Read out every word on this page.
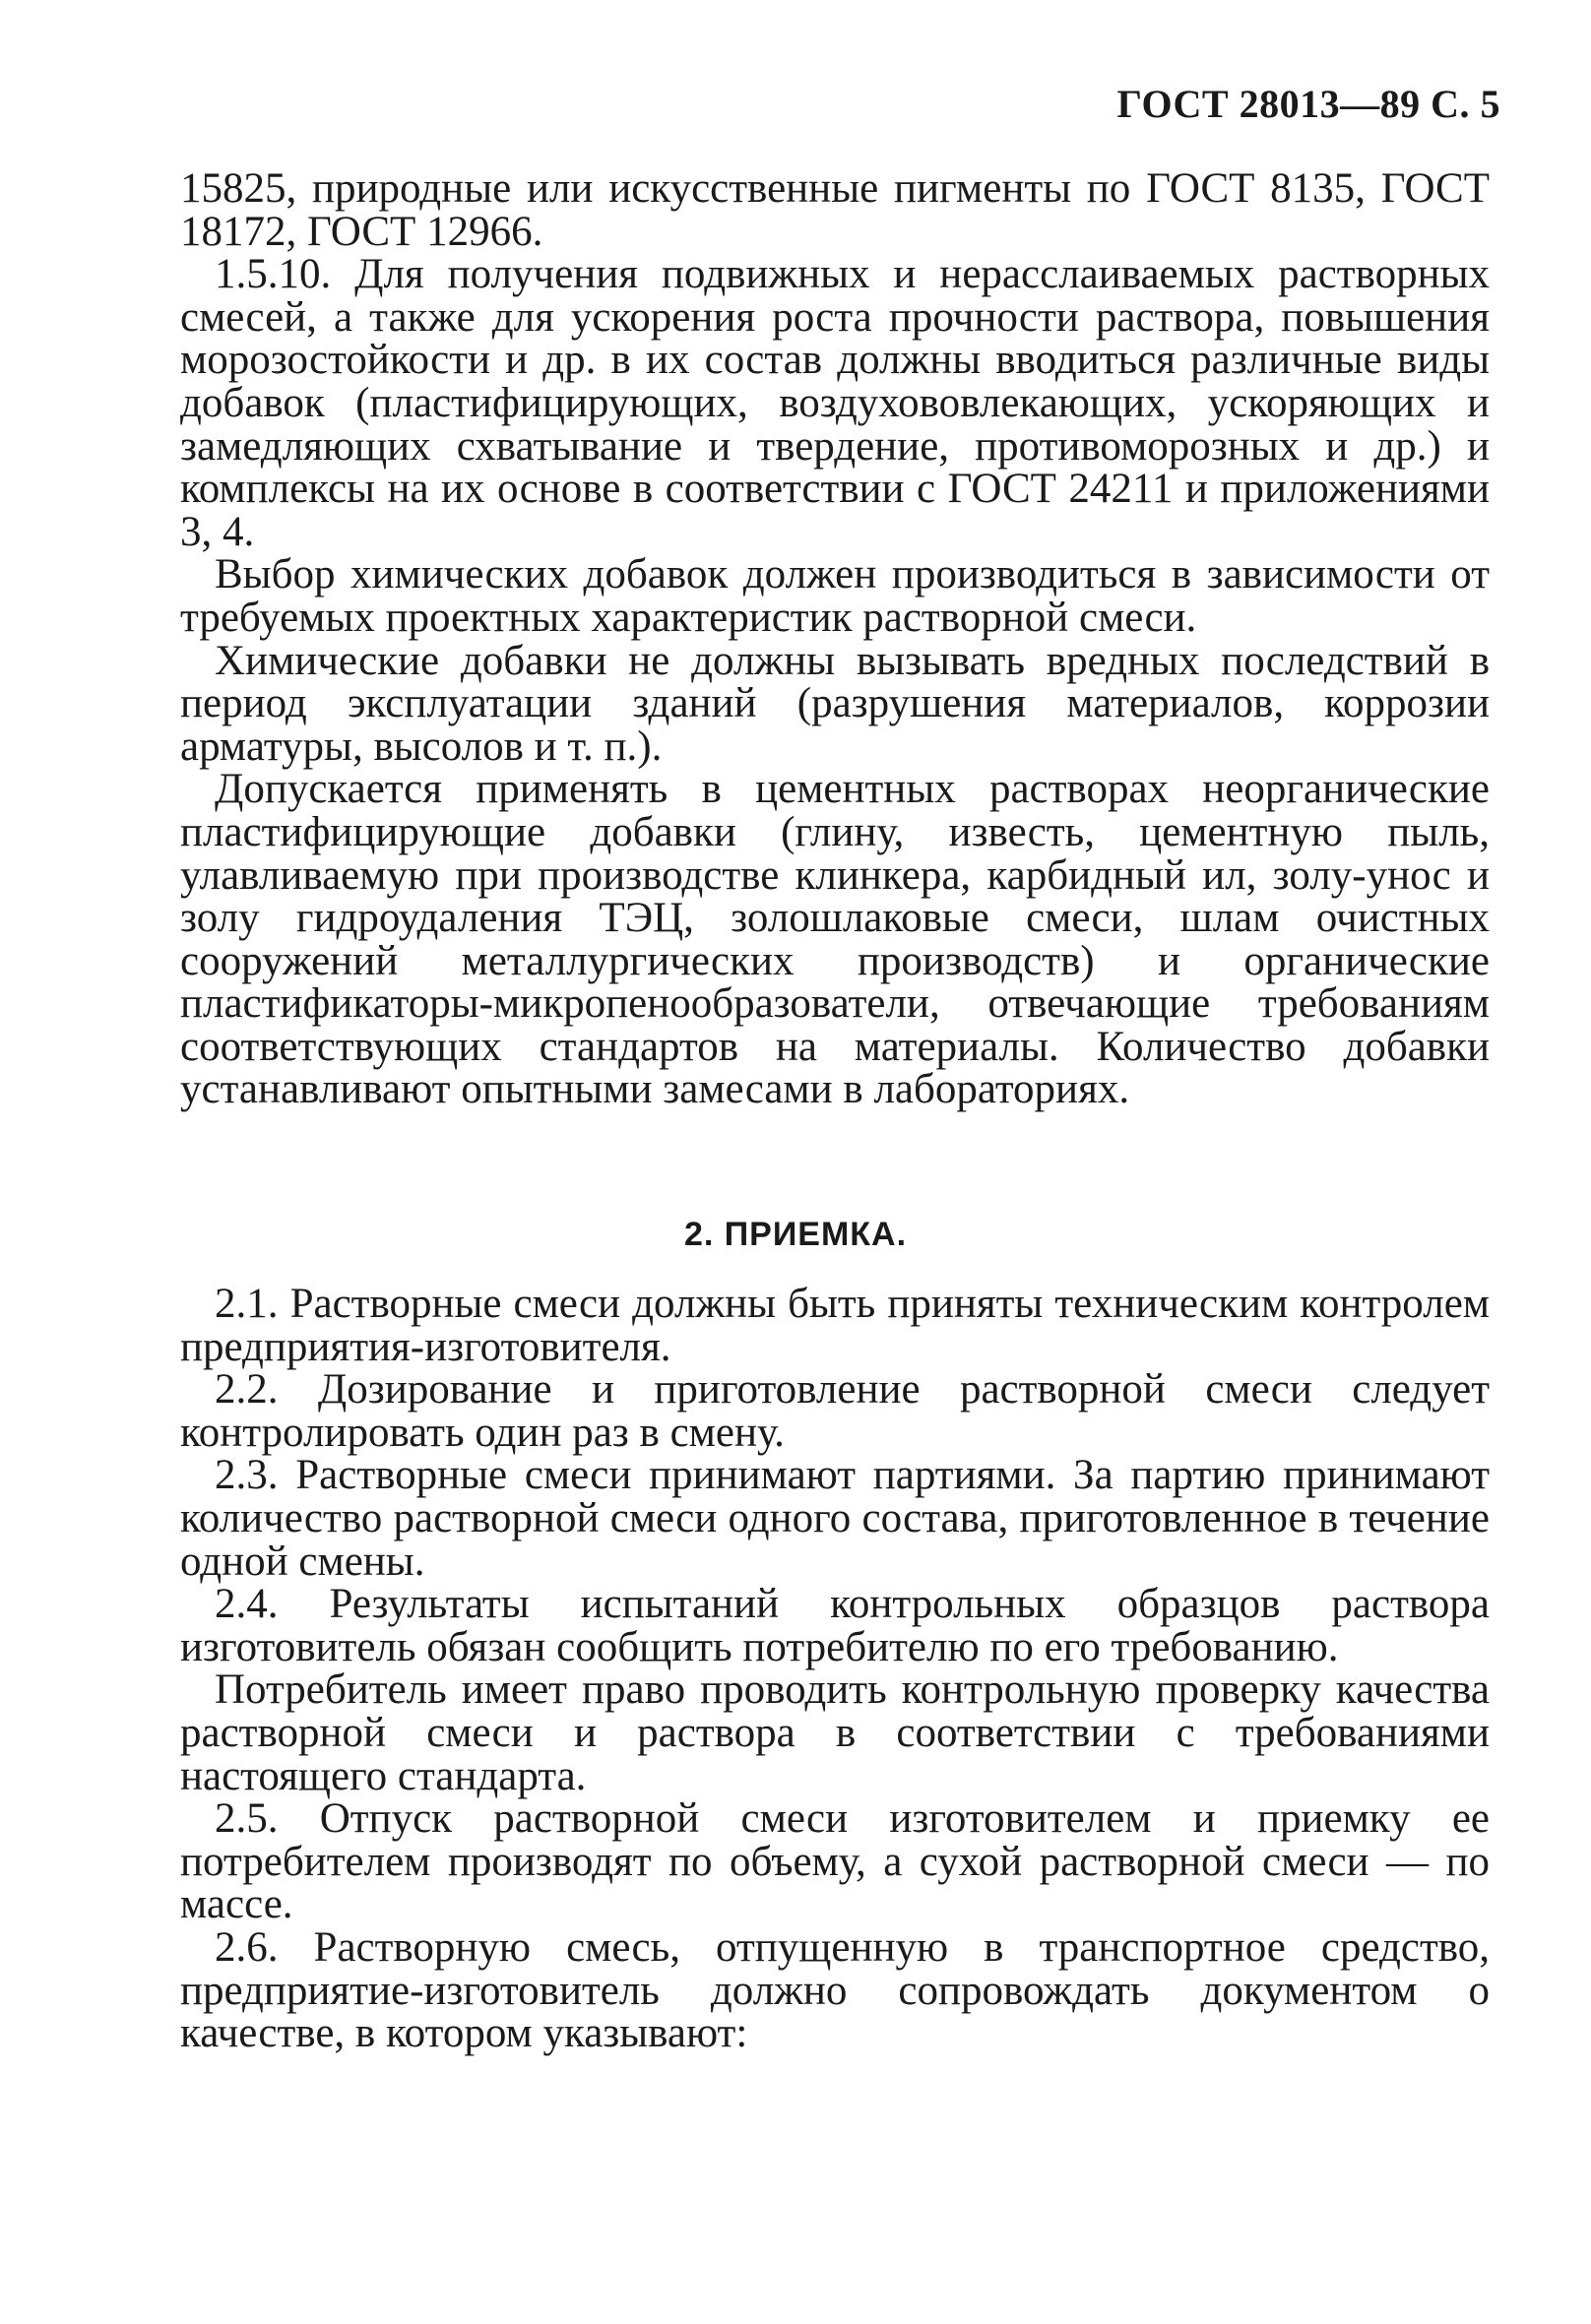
ГОСТ 28013—89 С. 5

15825, природные или искусственные пигменты по ГОСТ 8135, ГОСТ 18172, ГОСТ 12966.

1.5.10. Для получения подвижных и нерасслаиваемых растворных смесей, а также для ускорения роста прочности раствора, повышения морозостойкости и др. в их состав должны вводиться различные виды добавок (пластифицирующих, воздухововлекающих, ускоряющих и замедляющих схватывание и твердение, противоморозных и др.) и комплексы на их основе в соответствии с ГОСТ 24211 и приложениями 3, 4.

Выбор химических добавок должен производиться в зависимости от требуемых проектных характеристик растворной смеси.

Химические добавки не должны вызывать вредных последствий в период эксплуатации зданий (разрушения материалов, коррозии арматуры, высолов и т. п.).

Допускается применять в цементных растворах неорганические пластифицирующие добавки (глину, известь, цементную пыль, улавливаемую при производстве клинкера, карбидный ил, золу-унос и золу гидроудаления ТЭЦ, золошлаковые смеси, шлам очистных сооружений металлургических производств) и органические пластификаторы-микропенообразователи, отвечающие требованиям соответствующих стандартов на материалы. Количество добавки устанавливают опытными замесами в лабораториях.

2. ПРИЕМКА.

2.1. Растворные смеси должны быть приняты техническим контролем предприятия-изготовителя.

2.2. Дозирование и приготовление растворной смеси следует контролировать один раз в смену.

2.3. Растворные смеси принимают партиями. За партию принимают количество растворной смеси одного состава, приготовленное в течение одной смены.

2.4. Результаты испытаний контрольных образцов раствора изготовитель обязан сообщить потребителю по его требованию.

Потребитель имеет право проводить контрольную проверку качества растворной смеси и раствора в соответствии с требованиями настоящего стандарта.

2.5. Отпуск растворной смеси изготовителем и приемку ее потребителем производят по объему, а сухой растворной смеси — по массе.

2.6. Растворную смесь, отпущенную в транспортное средство, предприятие-изготовитель должно сопровождать документом о качестве, в котором указывают:
